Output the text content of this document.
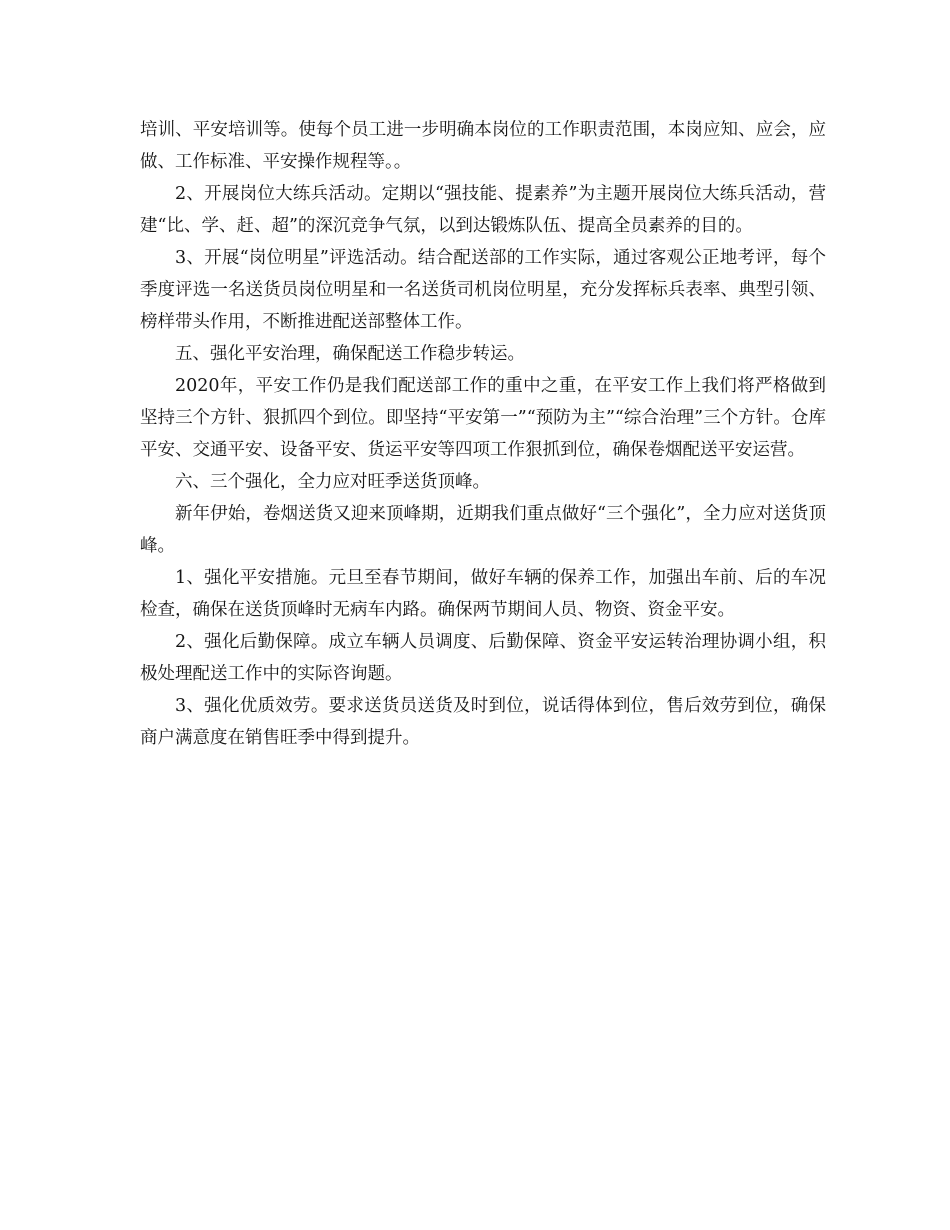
培训、平安培训等。使每个员工进一步明确本岗位的工作职责范围，本岗应知、应会，应做、工作标准、平安操作规程等。。

2、开展岗位大练兵活动。定期以“强技能、提素养”为主题开展岗位大练兵活动，营建“比、学、赶、超”的深沉竞争气氛，以到达锻炼队伍、提高全员素养的目的。

3、开展“岗位明星”评选活动。结合配送部的工作实际，通过客观公正地考评，每个季度评选一名送货员岗位明星和一名送货司机岗位明星，充分发挥标兵表率、典型引领、榜样带头作用，不断推进配送部整体工作。

五、强化平安治理，确保配送工作稳步转运。

2020年，平安工作仍是我们配送部工作的重中之重，在平安工作上我们将严格做到坚持三个方针、狠抓四个到位。即坚持“平安第一”“预防为主”“综合治理”三个方针。仓库平安、交通平安、设备平安、货运平安等四项工作狠抓到位，确保卷烟配送平安运营。

六、三个强化，全力应对旺季送货顶峰。

新年伊始，卷烟送货又迎来顶峰期，近期我们重点做好“三个强化”，全力应对送货顶峰。

1、强化平安措施。元旦至春节期间，做好车辆的保养工作，加强出车前、后的车况检查，确保在送货顶峰时无病车内路。确保两节期间人员、物资、资金平安。

2、强化后勤保障。成立车辆人员调度、后勤保障、资金平安运转治理协调小组，积极处理配送工作中的实际咨询题。

3、强化优质效劳。要求送货员送货及时到位，说话得体到位，售后效劳到位，确保商户满意度在销售旺季中得到提升。
